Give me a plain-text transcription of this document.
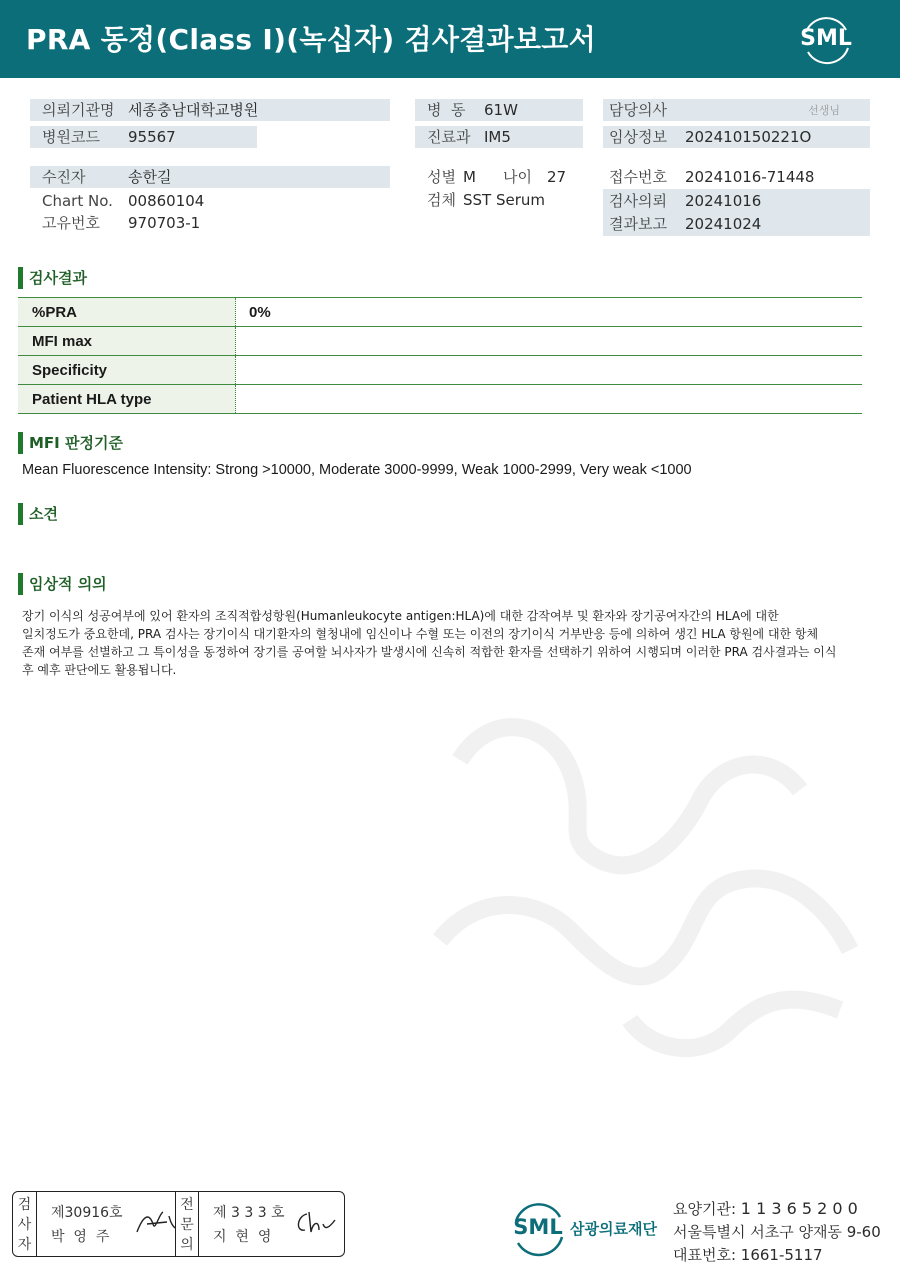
PRA 동정(Class I)(녹십자) 검사결과보고서	SML
의뢰기관명 세종충남대학교병원	병  동 61W	담당의사	선생님
병원코드 95567	진료과 IM5	임상정보 202410150221O
수진자	송한길
Chart No. 00860104
고유번호 970703-1
성별 M 나이 27
검체 SST Serum
접수번호 20241016-71448
검사의뢰 20241016
결과보고 20241024
검사결과
%PRA	0%
MFI max
Specificity
Patient HLA type
MFI 판정기준
Mean Fluorescence Intensity: Strong >10000, Moderate 3000-9999, Weak 1000-2999, Very weak <1000
소견
임상적 의의
장기 이식의 성공여부에 있어 환자의 조직적합성항원(Humanleukocyte antigen:HLA)에 대한 감작여부 및 환자와 장기공여자간의 HLA에 대한
일치정도가 중요한데, PRA 검사는 장기이식 대기환자의 혈청내에 임신이나 수혈 또는 이전의 장기이식 거부반응 등에 의하여 생긴 HLA 항원에 대한 항체
존재 여부를 선별하고 그 특이성을 동정하여 장기를 공여할 뇌사자가 발생시에 신속히 적합한 환자를 선택하기 위하여 시행되며 이러한 PRA 검사결과는 이식
후 예후 판단에도 활용됩니다.
검
사
자
제30916호
박  영  주
전
문
의
제 3 3 3 호
지  현  영	SML 삼광의료재단
요양기관: 1 1 3 6 5 2 0 0
서울특별시 서초구 양재동 9-60
대표번호: 1661-5117
